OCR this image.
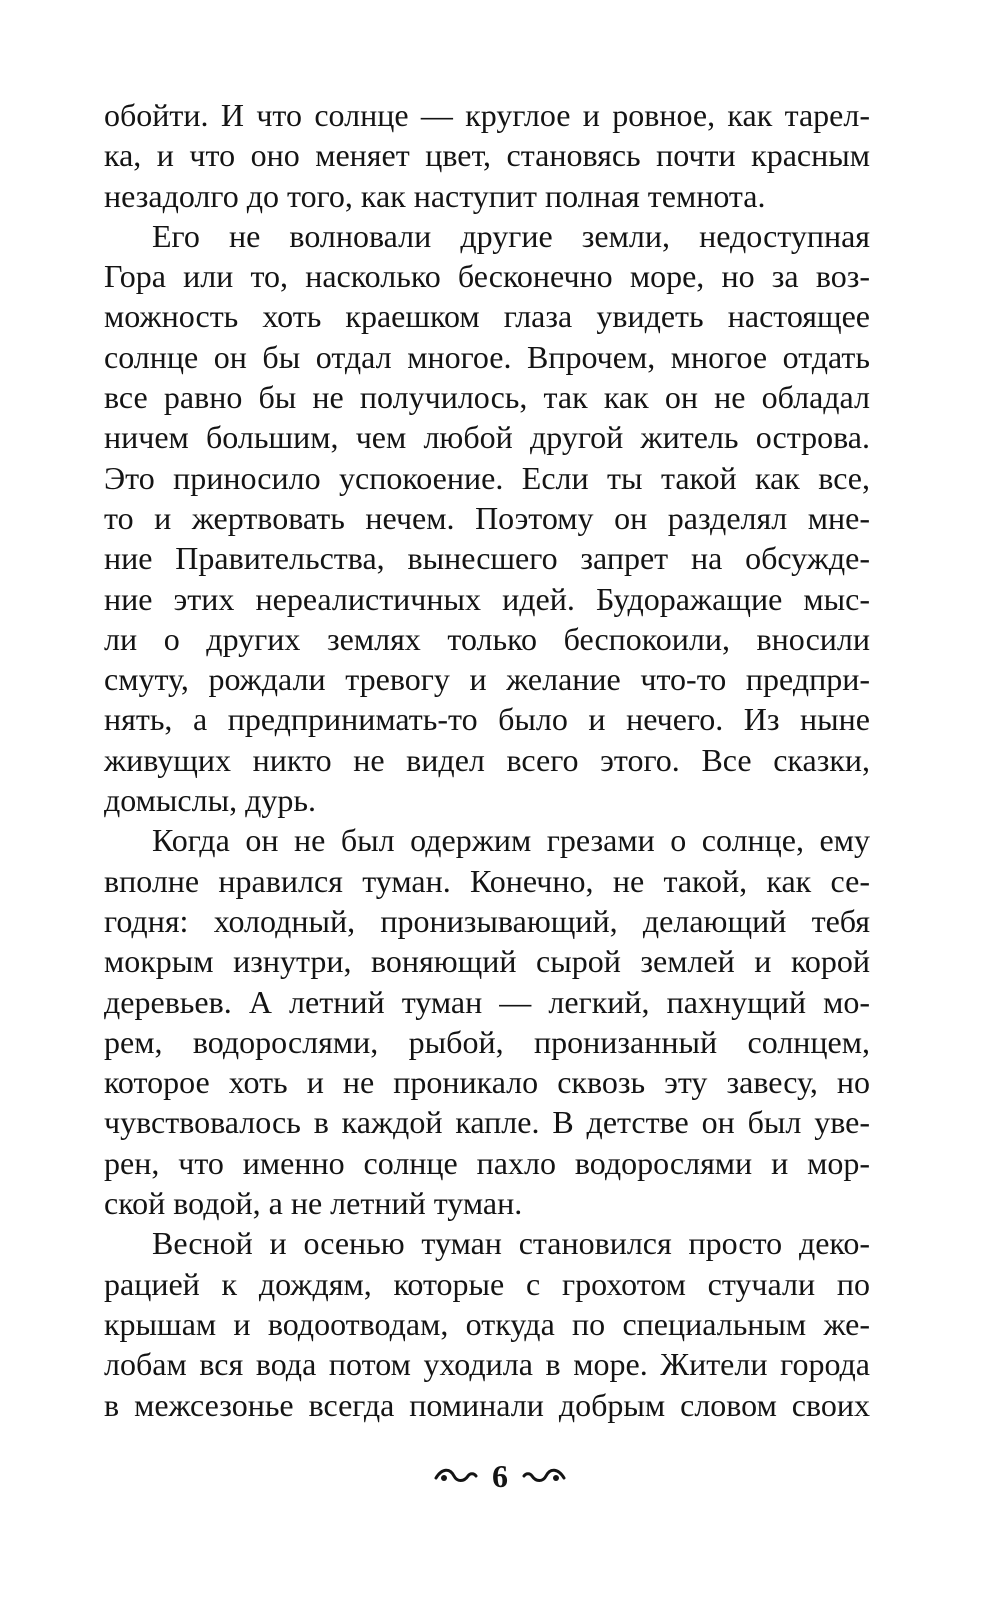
обойти. И что солнце — круглое и ровное, как тарел-
ка, и что оно меняет цвет, становясь почти красным
незадолго до того, как наступит полная темнота.
Его не волновали другие земли, недоступная
Гора или то, насколько бесконечно море, но за воз-
можность хоть краешком глаза увидеть настоящее
солнце он бы отдал многое. Впрочем, многое отдать
все равно бы не получилось, так как он не обладал
ничем большим, чем любой другой житель острова.
Это приносило успокоение. Если ты такой как все,
то и жертвовать нечем. Поэтому он разделял мне-
ние Правительства, вынесшего запрет на обсужде-
ние этих нереалистичных идей. Будоражащие мыс-
ли о других землях только беспокоили, вносили
смуту, рождали тревогу и желание что-то предпри-
нять, а предпринимать-то было и нечего. Из ныне
живущих никто не видел всего этого. Все сказки,
домыслы, дурь.
Когда он не был одержим грезами о солнце, ему
вполне нравился туман. Конечно, не такой, как се-
годня: холодный, пронизывающий, делающий тебя
мокрым изнутри, воняющий сырой землей и корой
деревьев. А летний туман — легкий, пахнущий мо-
рем, водорослями, рыбой, пронизанный солнцем,
которое хоть и не проникало сквозь эту завесу, но
чувствовалось в каждой капле. В детстве он был уве-
рен, что именно солнце пахло водорослями и мор-
ской водой, а не летний туман.
Весной и осенью туман становился просто деко-
рацией к дождям, которые с грохотом стучали по
крышам и водоотводам, откуда по специальным же-
лобам вся вода потом уходила в море. Жители города
в межсезонье всегда поминали добрым словом своих
6
